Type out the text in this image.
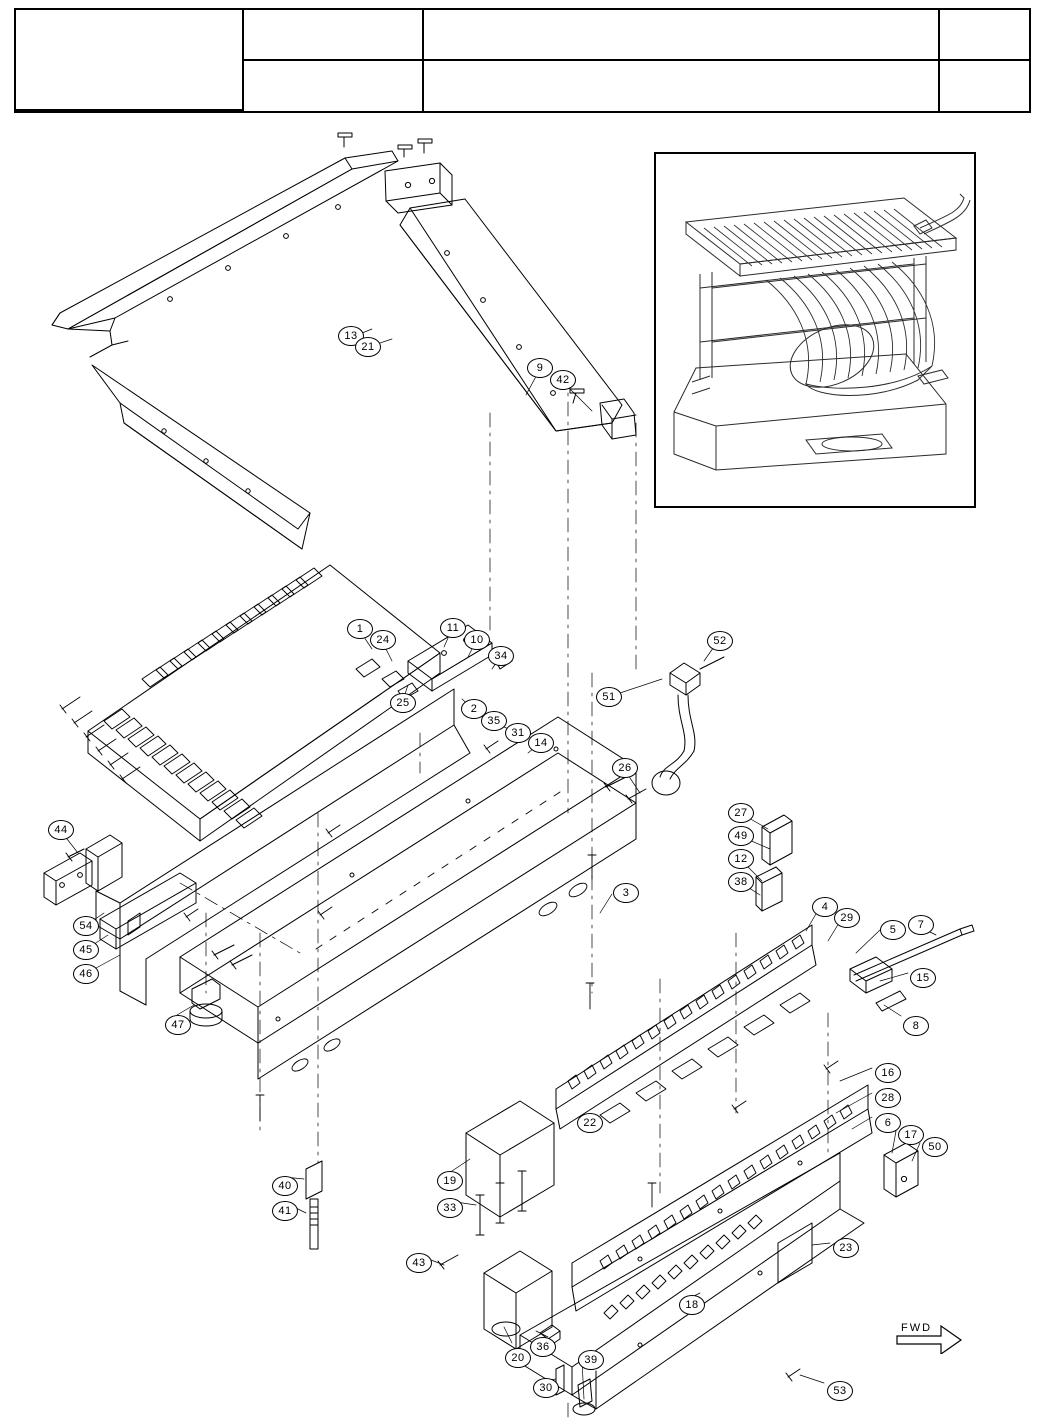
1
24
25
11
10
34
2
35
31
14
13
21
9
42
52
51
26
27
49
12
38
44
54
45
46
47
3
4
29
5	7
15
8
40
41
19
33
43
20
36
30
39
16
28
6
17
50
23
18
53
22
FWD
